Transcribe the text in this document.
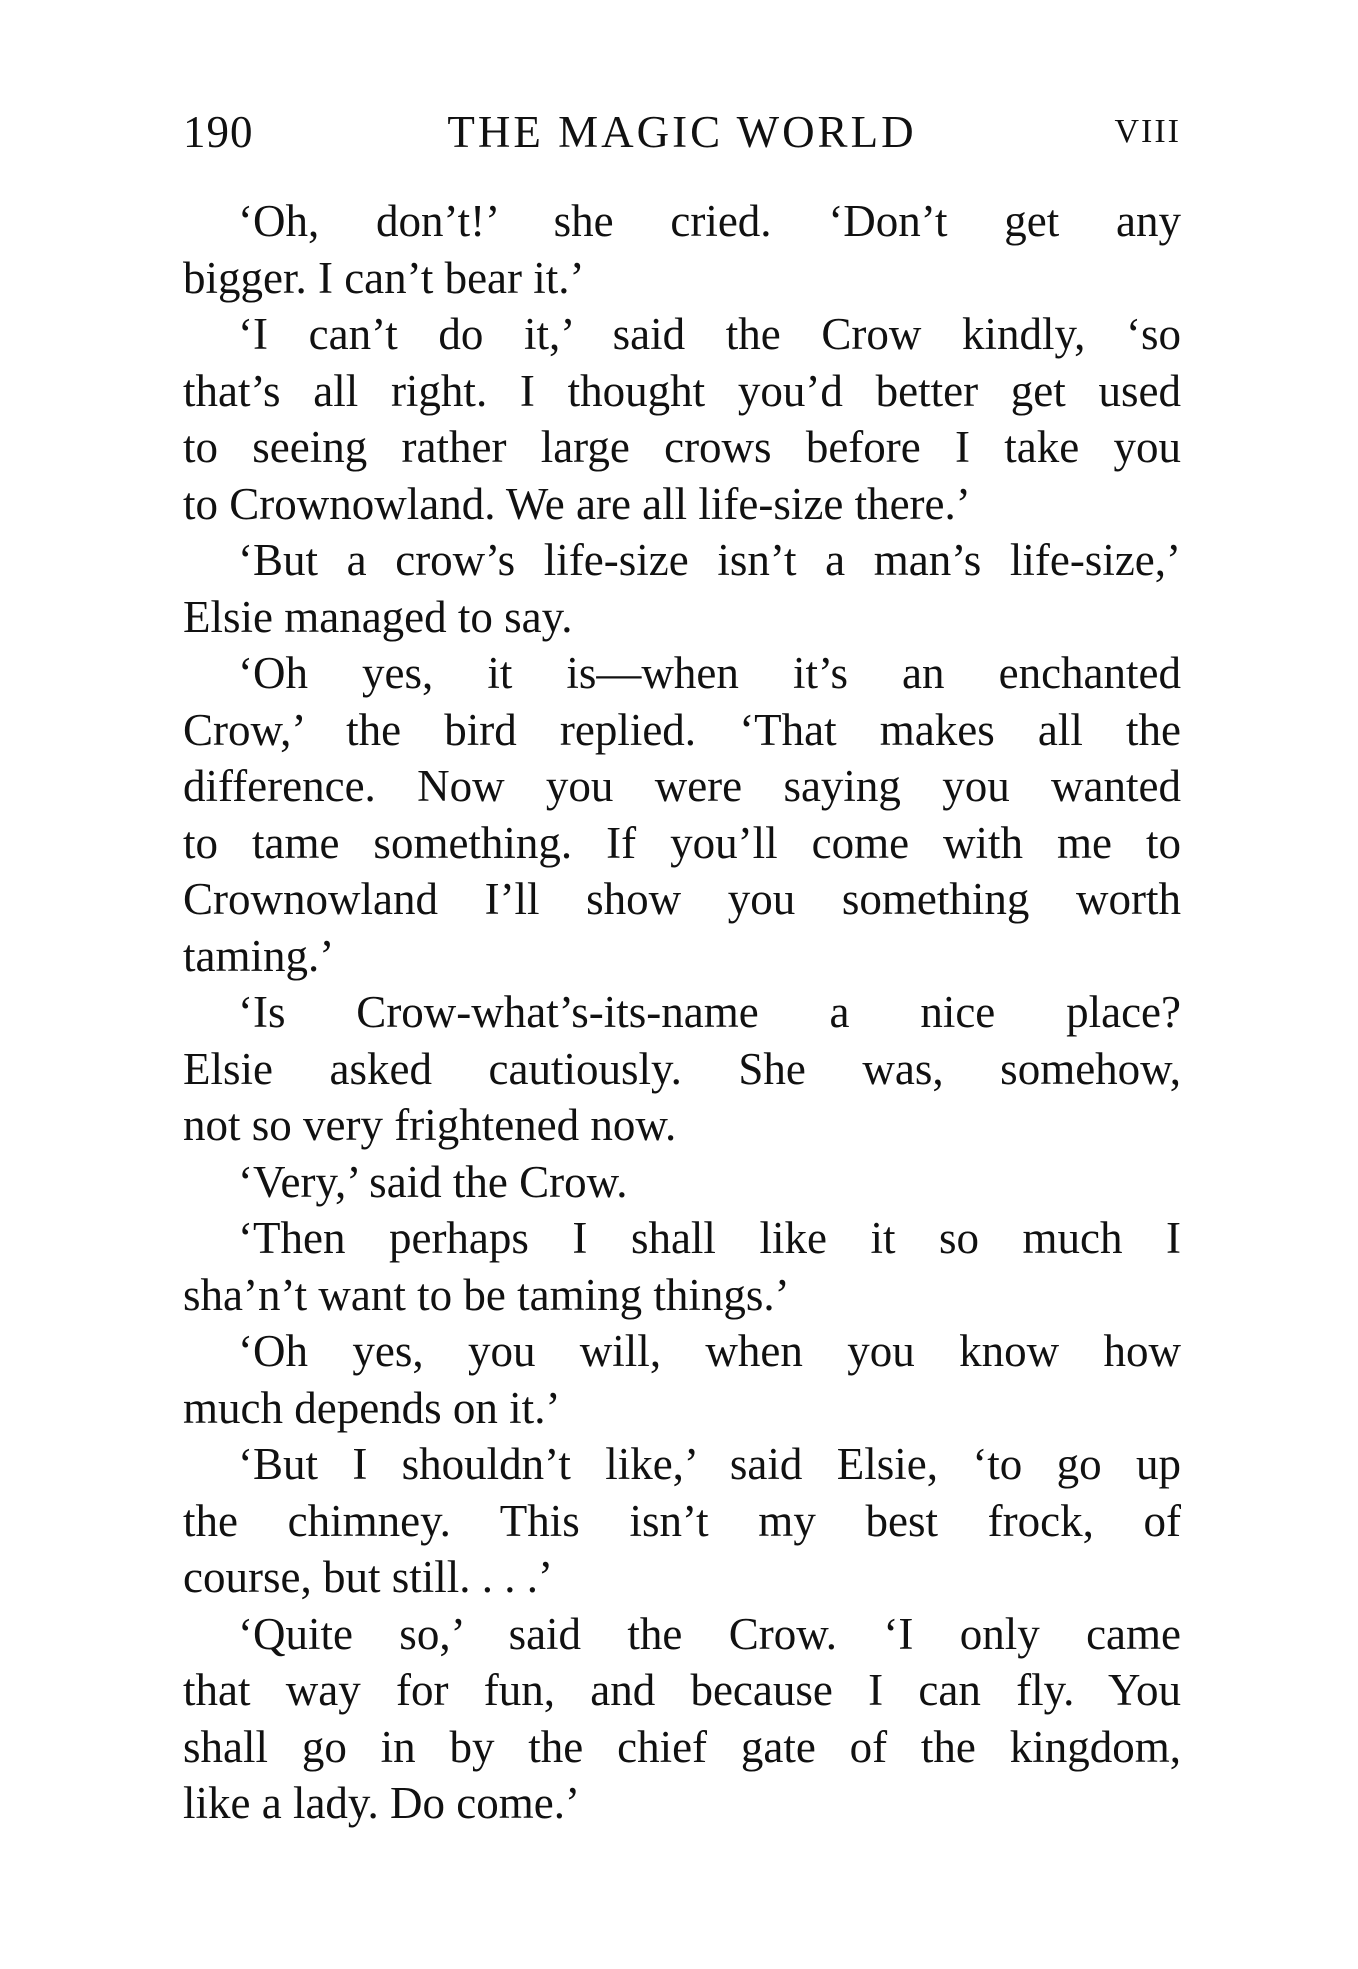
190	THE MAGIC WORLD	VIII
‘Oh, don’t!’ she cried. ‘Don’t get any
bigger. I can’t bear it.’
‘I can’t do it,’ said the Crow kindly, ‘so
that’s all right. I thought you’d better get used
to seeing rather large crows before I take you
to Crownowland. We are all life-size there.’
‘But a crow’s life-size isn’t a man’s life-size,’
Elsie managed to say.
‘Oh yes, it is—when it’s an enchanted
Crow,’ the bird replied. ‘That makes all the
difference. Now you were saying you wanted
to tame something. If you’ll come with me to
Crownowland I’ll show you something worth
taming.’
‘Is Crow-what’s-its-name a nice place?
Elsie asked cautiously. She was, somehow,
not so very frightened now.
‘Very,’ said the Crow.
‘Then perhaps I shall like it so much I
sha’n’t want to be taming things.’
‘Oh yes, you will, when you know how
much depends on it.’
‘But I shouldn’t like,’ said Elsie, ‘to go up
the chimney. This isn’t my best frock, of
course, but still. . . .’
‘Quite so,’ said the Crow. ‘I only came
that way for fun, and because I can fly. You
shall go in by the chief gate of the kingdom,
like a lady. Do come.’
